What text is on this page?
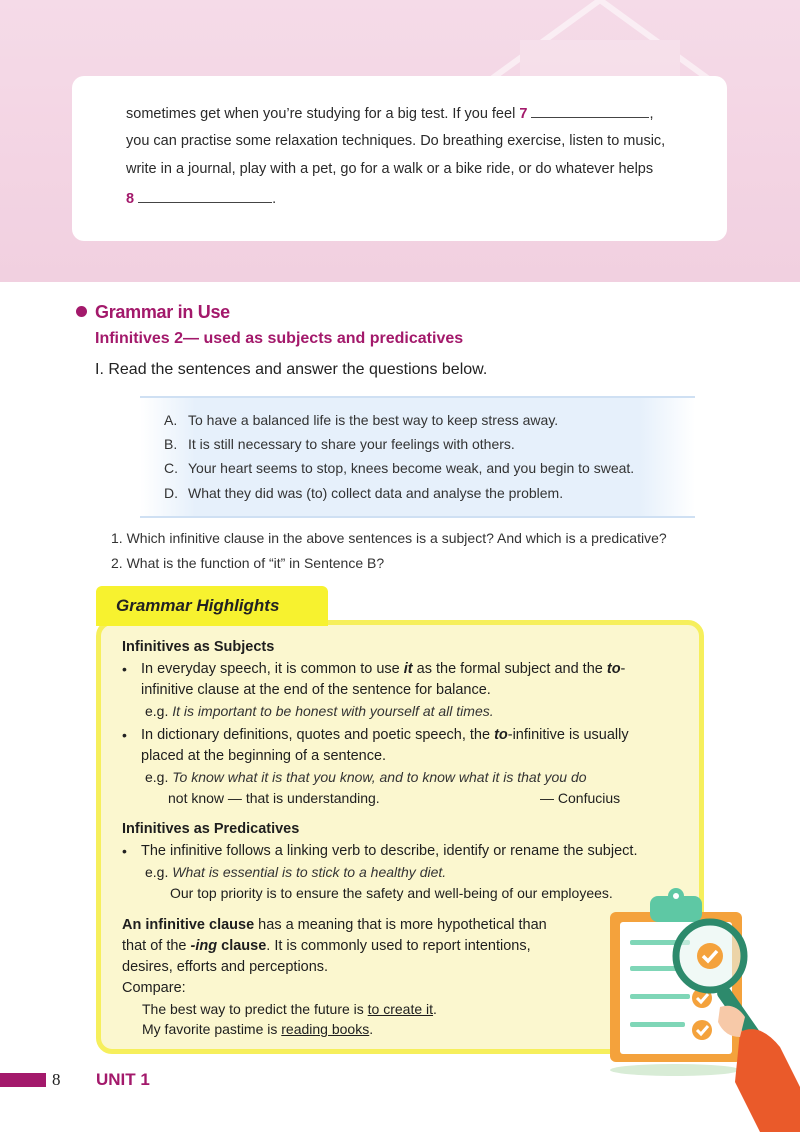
sometimes get when you’re studying for a big test. If you feel 7	,
you can practise some relaxation techniques. Do breathing exercise, listen to music,
write in a journal, play with a pet, go for a walk or a bike ride, or do whatever helps
8	.
Grammar in Use
Infinitives 2— used as subjects and predicatives
I. Read the sentences and answer the questions below.
A. To have a balanced life is the best way to keep stress away.
B. It is still necessary to share your feelings with others.
C. Your heart seems to stop, knees become weak, and you begin to sweat.
D. What they did was (to) collect data and analyse the problem.
1. Which infinitive clause in the above sentences is a subject? And which is a predicative?
2. What is the function of “it” in Sentence B?
Grammar Highlights
Infinitives as Subjects
• In everyday speech, it is common to use it as the formal subject and the to-
infinitive clause at the end of the sentence for balance.
e.g. It is important to be honest with yourself at all times.
• In dictionary definitions, quotes and poetic speech, the to-infinitive is usually
placed at the beginning of a sentence.
e.g. To know what it is that you know, and to know what it is that you do
not know — that is understanding.	— Confucius
Infinitives as Predicatives
• The infinitive follows a linking verb to describe, identify or rename the subject.
e.g. What is essential is to stick to a healthy diet.
Our top priority is to ensure the safety and well-being of our employees.
An infinitive clause has a meaning that is more hypothetical than
that of the -ing clause. It is commonly used to report intentions,
desires, efforts and perceptions.
Compare:
The best way to predict the future is to create it.
My favorite pastime is reading books.
8 UNIT 1
